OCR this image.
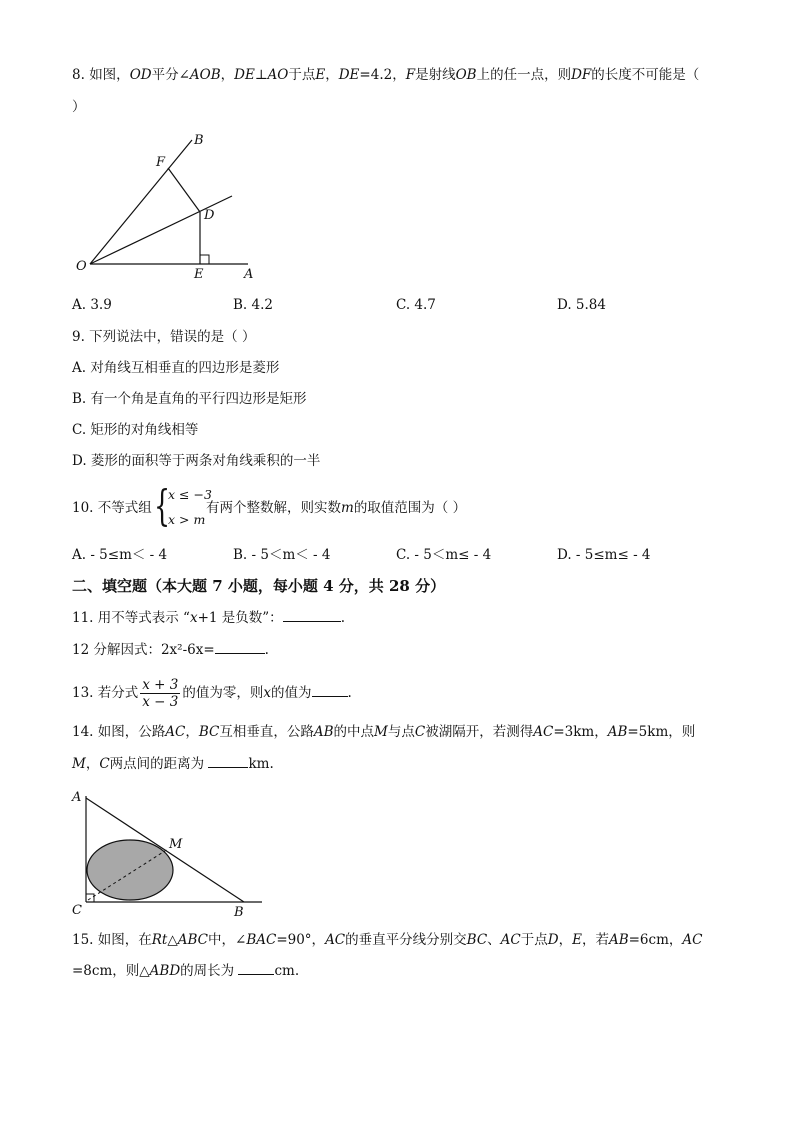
8. 如图，OD平分∠AOB，DE⊥AO于点E，DE=4.2，F是射线OB上的任一点，则DF的长度不可能是（
）
B
F
D
O
E	A
A. 3.9	B. 4.2	C. 4.7	D. 5.84
9. 下列说法中，错误的是（ ）
A. 对角线互相垂直的四边形是菱形
B. 有一个角是直角的平行四边形是矩形
C. 矩形的对角线相等
D. 菱形的面积等于两条对角线乘积的一半
10. 不等式组 {
x ≤ −3
x > m
有两个整数解，则实数m的取值范围为（ ）
A. - 5≤m＜ - 4	B. - 5＜m＜ - 4	C. - 5＜m≤ - 4	D. - 5≤m≤ - 4
二、填空题（本大题 7 小题，每小题 4 分，共 28 分）
11. 用不等式表示 “x+1 是负数”：	.
12 分解因式：2x²-6x=	.
13. 若分式 $\frac{x + 3}{x - 3}$ 的值为零，则x的值为	.
14. 如图，公路AC，BC互相垂直，公路AB的中点M与点C被湖隔开，若测得AC=3km，AB=5km，则
M，C两点间的距离为	km.
A
M
C	B
15. 如图，在Rt△ABC中，∠BAC=90°，AC的垂直平分线分别交BC、AC于点D，E，若AB=6cm，AC
=8cm，则△ABD的周长为	cm.
